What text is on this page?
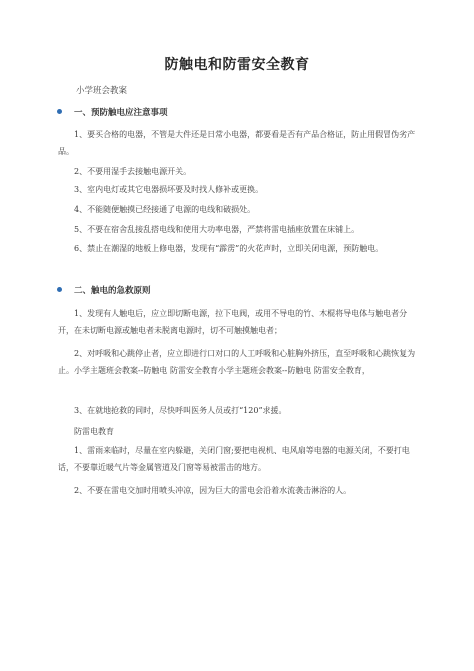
防触电和防雷安全教育
小学班会教案
一、预防触电应注意事项

1、要买合格的电器，不管是大件还是日常小电器，都要看是否有产品合格证，防止用假冒伪劣产品。

2、不要用湿手去接触电源开关。

3、室内电灯或其它电器损坏要及时找人修补或更换。

4、不能随便触摸已经接通了电源的电线和破损处。

5、不要在宿舍乱接乱搭电线和使用大功率电器，严禁将雷电插座放置在床铺上。

6、禁止在潮湿的地板上修电器，发现有“霹雳”的火花声时，立即关闭电源，预防触电。

二、触电的急救原则

1、发现有人触电后，应立即切断电源，拉下电阀，或用不导电的竹、木棍将导电体与触电者分开，在未切断电源或触电者未脱离电源时，切不可触摸触电者；

2、对呼吸和心跳停止者，应立即进行口对口的人工呼吸和心脏胸外挤压，直至呼吸和心跳恢复为止。小学主题班会教案--防触电 防雷安全教育小学主题班会教案--防触电 防雷安全教育，

3、在就地抢救的同时，尽快呼叫医务人员或打“120”求援。

防雷电教育

1、雷雨来临时，尽量在室内躲避，关闭门窗;要把电视机、电风扇等电器的电源关闭，不要打电话，不要靠近暖气片等金属管道及门窗等易被雷击的地方。

2、不要在雷电交加时用喷头冲凉，因为巨大的雷电会沿着水流袭击淋浴的人。
